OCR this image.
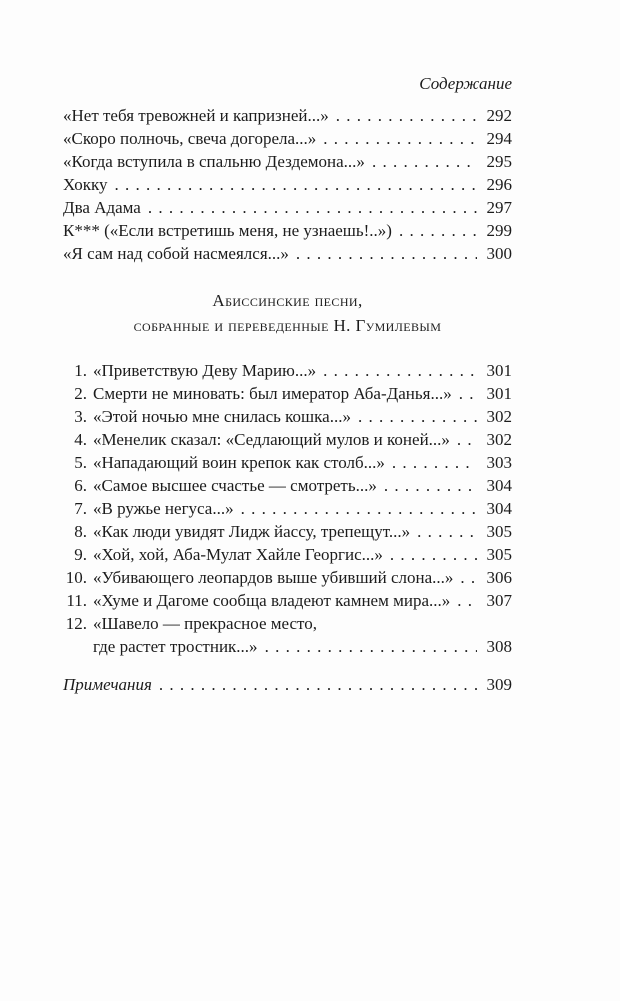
Содержание
«Нет тебя тревожней и капризней...» . . .	292
«Скоро полночь, свеча догорела...» . . .	294
«Когда вступила в спальню Дездемона...» . . .	295
Хокку . . .	296
Два Адама . . .	297
К*** («Если встретишь меня, не узнаешь!..») . . .	299
«Я сам над собой насмеялся...» . . .	300
Абиссинские песни,
собранные и переведенные Н. Гумилевым
1. «Приветствую Деву Марию...» . . .	301
2. Смерти не миновать: был имератор Аба-Данья...» . . . 301
3. «Этой ночью мне снилась кошка...» . . .	302
4. «Менелик сказал: «Седлающий мулов и коней...» . . . 302
5. «Нападающий воин крепок как столб...» . . .	303
6. «Самое высшее счастье — смотреть...» . . .	304
7. «В ружье негуса...» . . .	304
8. «Как люди увидят Лидж йассу, трепещут...» . . .	305
9. «Хой, хой, Аба-Мулат Хайле Георгис...» . . .	305
10. «Убивающего леопардов выше убивший слона...» . . . 306
11. «Хуме и Дагоме сообща владеют камнем мира...» . . . 307
12. «Шавело — прекрасное место,
где растет тростник...» . . .	308
Примечания . . .	309
